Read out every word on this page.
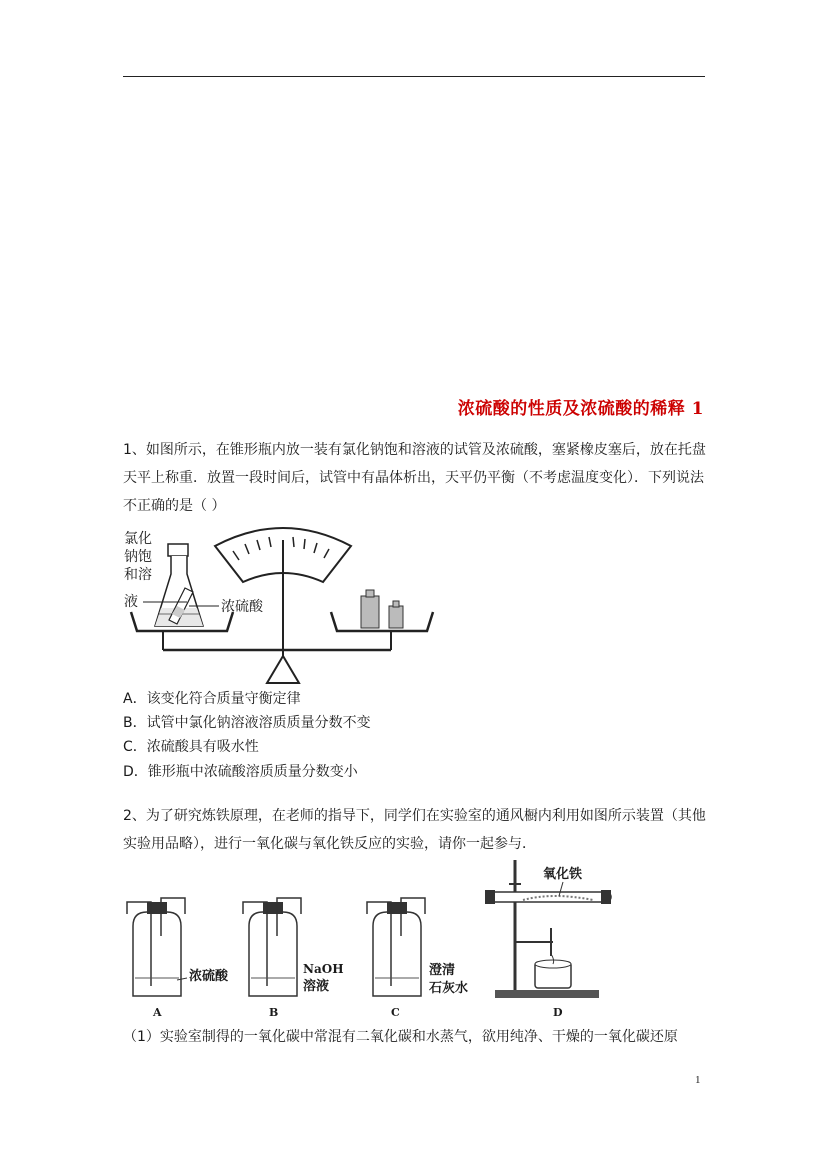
浓硫酸的性质及浓硫酸的稀释 1
1、如图所示，在锥形瓶内放一装有氯化钠饱和溶液的试管及浓硫酸，塞紧橡皮塞后，放在托盘天平上称重．放置一段时间后，试管中有晶体析出，天平仍平衡（不考虑温度变化）．下列说法不正确的是（ ）
氯化
钠饱
和溶
液	浓硫酸
A．该变化符合质量守衡定律
B．试管中氯化钠溶液溶质质量分数不变
C．浓硫酸具有吸水性
D．锥形瓶中浓硫酸溶质质量分数变小
2、为了研究炼铁原理，在老师的指导下，同学们在实验室的通风橱内利用如图所示装置（其他实验用品略），进行一氧化碳与氧化铁反应的实验，请你一起参与．
浓硫酸
A
NaOH
溶液
B
澄清
石灰水
C
氧化铁
D
（1）实验室制得的一氧化碳中常混有二氧化碳和水蒸气，欲用纯净、干燥的一氧化碳还原
1
